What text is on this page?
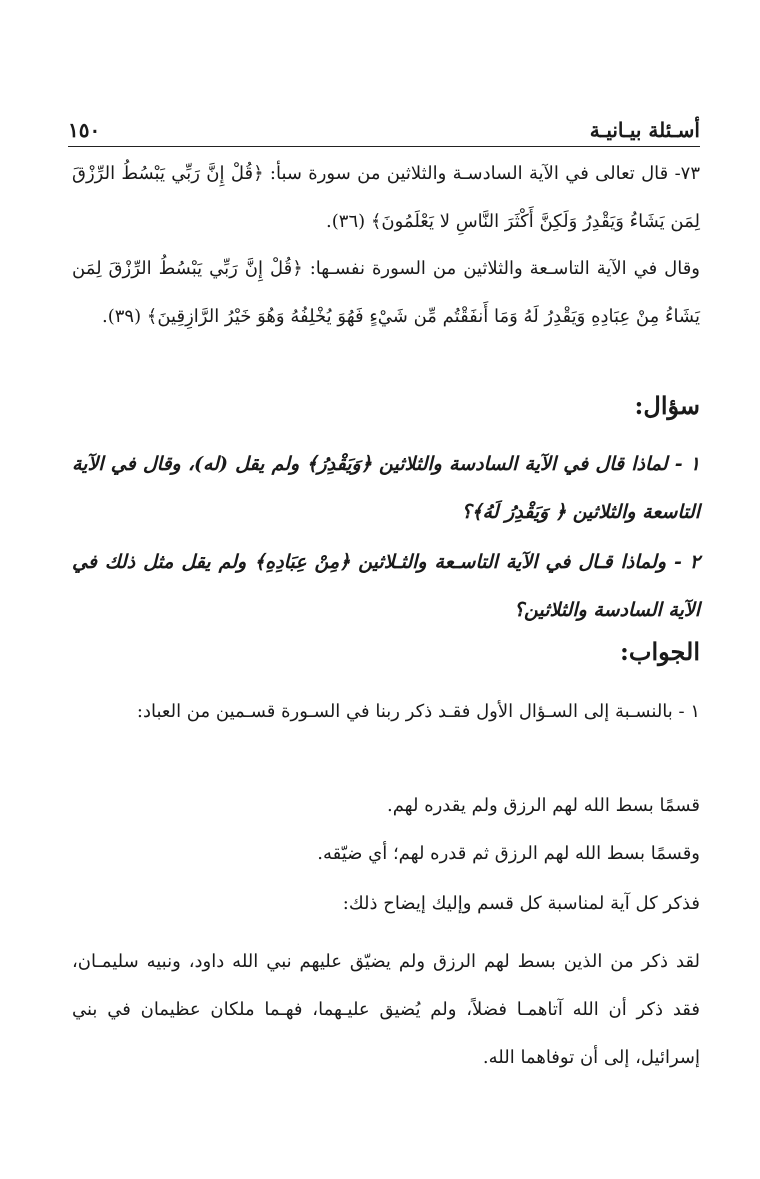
أسـئلة بيـانيـة
١٥٠
٧٣- قال تعالى في الآية السادسـة والثلاثين من سورة سبأ: ﴿قُلْ إِنَّ رَبِّي يَبْسُطُ الرِّزْقَ لِمَن يَشَاءُ وَيَقْدِرُ وَلَكِنَّ أَكْثَرَ النَّاسِ لا يَعْلَمُونَ﴾ (٣٦).
وقال في الآية التاسـعة والثلاثين من السورة نفسـها: ﴿قُلْ إِنَّ رَبِّي يَبْسُطُ الرِّزْقَ لِمَن يَشَاءُ مِنْ عِبَادِهِ وَيَقْدِرُ لَهُ وَمَا أَنفَقْتُم مِّن شَيْءٍ فَهُوَ يُخْلِفُهُ وَهُوَ خَيْرُ الرَّازِقِينَ﴾ (٣٩).
سؤال:
١ - لماذا قال في الآية السادسة والثلاثين ﴿وَيَقْدِرُ﴾ ولم يقل (له)، وقال في الآية التاسعة والثلاثين ﴿ وَيَقْدِرُ لَهُ﴾؟
٢ - ولماذا قـال في الآية التاسـعة والثـلاثين ﴿مِنْ عِبَادِهِ﴾ ولم يقل مثل ذلك في الآية السادسة والثلاثين؟
الجواب:
١ - بالنسـبة إلى السـؤال الأول فقـد ذكر ربنا في السـورة قسـمين من العباد:
قسمًا بسط الله لهم الرزق ولم يقدره لهم.
وقسمًا بسط الله لهم الرزق ثم قدره لهم؛ أي ضيّقه.
فذكر كل آية لمناسبة كل قسم وإليك إيضاح ذلك:
لقد ذكر من الذين بسط لهم الرزق ولم يضيّق عليهم نبي الله داود، ونبيه سليمـان، فقد ذكر أن الله آتاهمـا فضلاً، ولم يُضيق عليـهما، فهـما ملكان عظيمان في بني إسرائيل، إلى أن توفاهما الله.
